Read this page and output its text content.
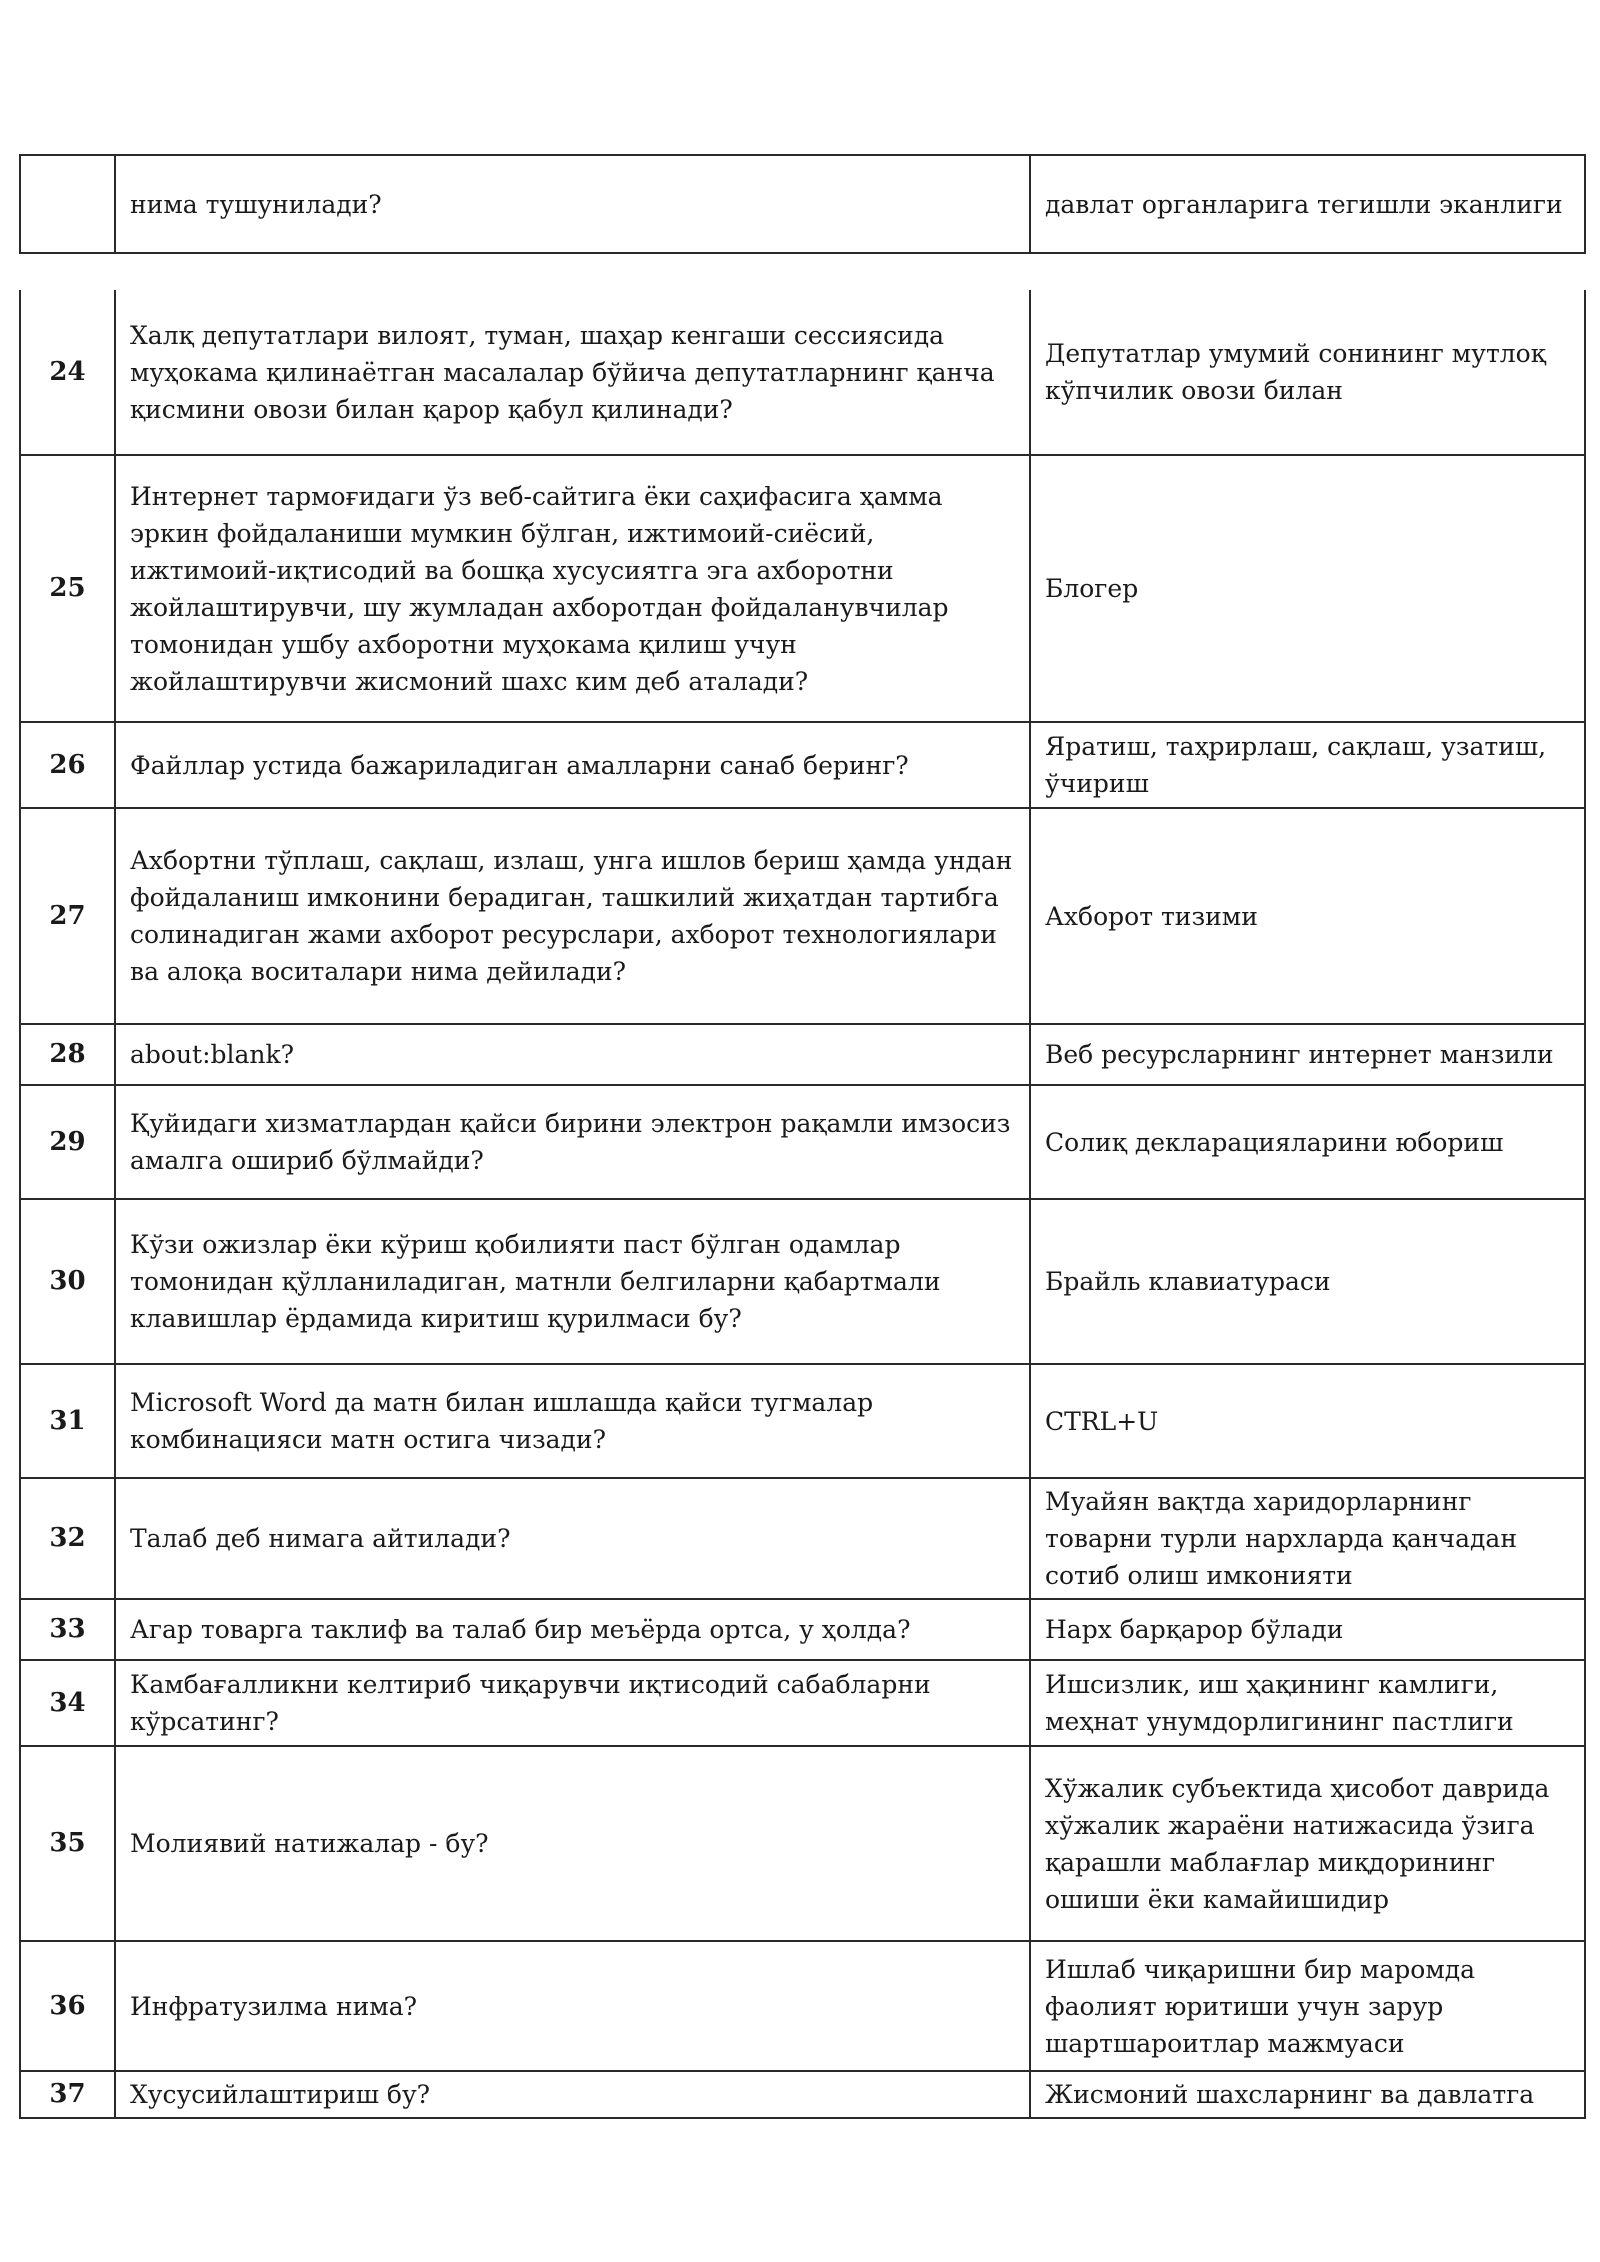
	нима тушунилади?	давлат органларига тегишли эканлиги
24	Халқ депутатлари вилоят, туман, шаҳар кенгаши сессиясида муҳокама қилинаётган масалалар бўйича депутатларнинг қанча қисмини овози билан қарор қабул қилинади?	Депутатлар умумий сонининг мутлоқ кўпчилик овози билан
25	Интернет тармоғидаги ўз веб-сайтига ёки саҳифасига ҳамма эркин фойдаланиши мумкин бўлган, ижтимоий-сиёсий, ижтимоий-иқтисодий ва бошқа хусусиятга эга ахборотни жойлаштирувчи, шу жумладан ахборотдан фойдаланувчилар томонидан ушбу ахборотни муҳокама қилиш учун жойлаштирувчи жисмоний шахс ким деб аталади?	Блогер
26	Файллар устида бажариладиган амалларни санаб беринг?	Яратиш, таҳрирлаш, сақлаш, узатиш, ўчириш
27	Ахбортни тўплаш, сақлаш, излаш, унга ишлов бериш ҳамда ундан фойдаланиш имконини берадиган, ташкилий жиҳатдан тартибга солинадиган жами ахборот ресурслари, ахборот технологиялари ва алоқа воситалари нима дейилади?	Ахборот тизими
28	about:blank?	Веб ресурсларнинг интернет манзили
29	Қуйидаги хизматлардан қайси бирини электрон рақамли имзосиз амалга ошириб бўлмайди?	Солиқ декларацияларини юбориш
30	Кўзи ожизлар ёки кўриш қобилияти паст бўлган одамлар томонидан қўлланиладиган, матнли белгиларни қабартмали клавишлар ёрдамида киритиш қурилмаси бу?	Брайль клавиатураси
31	Microsoft Word да матн билан ишлашда қайси тугмалар комбинацияси матн остига чизади?	CTRL+U
32	Талаб деб нимага айтилади?	Муайян вақтда харидорларнинг товарни турли нархларда қанчадан сотиб олиш имконияти
33	Агар товарга таклиф ва талаб бир меъёрда ортса, у ҳолда?	Нарх барқарор бўлади
34	Камбағалликни келтириб чиқарувчи иқтисодий сабабларни кўрсатинг?	Ишсизлик, иш ҳақининг камлиги, меҳнат унумдорлигининг пастлиги
35	Молиявий натижалар - бу?	Хўжалик субъектида ҳисобот даврида хўжалик жараёни натижасида ўзига қарашли маблағлар миқдорининг ошиши ёки камайишидир
36	Инфратузилма нима?	Ишлаб чиқаришни бир маромда фаолият юритиши учун зарур шартшароитлар мажмуаси
37	Хусусийлаштириш бу?	Жисмоний шахсларнинг ва давлатга
